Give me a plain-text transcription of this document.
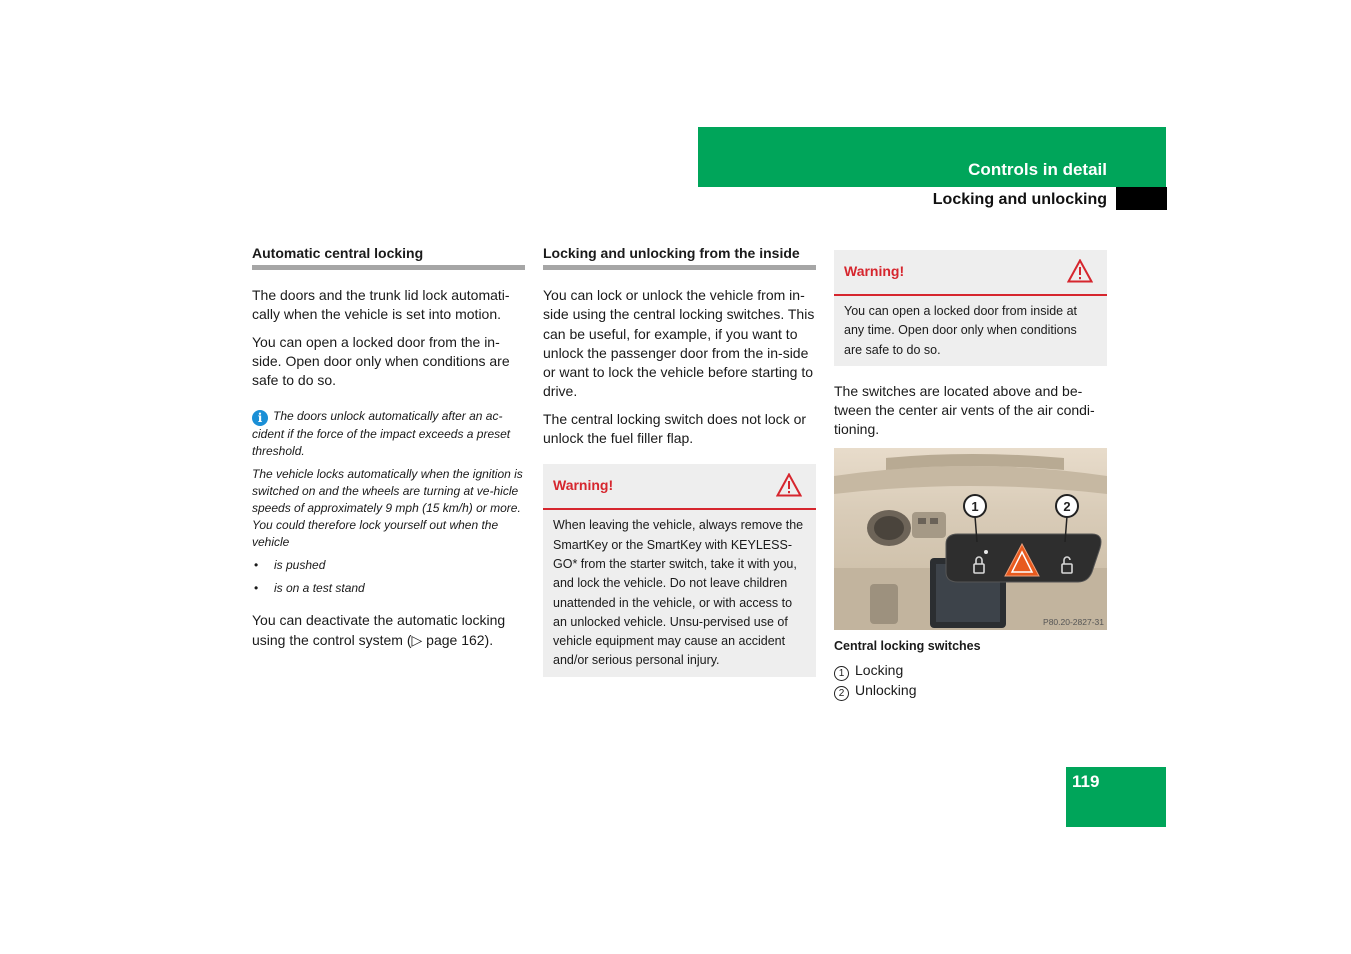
Controls in detail
Locking and unlocking
Automatic central locking

The doors and the trunk lid lock automati-cally when the vehicle is set into motion.

You can open a locked door from the in-side. Open door only when conditions are safe to do so.

i The doors unlock automatically after an ac-cident if the force of the impact exceeds a preset threshold.

The vehicle locks automatically when the ignition is switched on and the wheels are turning at ve-hicle speeds of approximately 9 mph (15 km/h) or more. You could therefore lock yourself out when the vehicle

• is pushed
• is on a test stand

You can deactivate the automatic locking using the control system (▷ page 162).

Locking and unlocking from the inside

You can lock or unlock the vehicle from in-side using the central locking switches. This can be useful, for example, if you want to unlock the passenger door from the in-side or want to lock the vehicle before starting to drive.

The central locking switch does not lock or unlock the fuel filler flap.

Warning!
When leaving the vehicle, always remove the SmartKey or the SmartKey with KEYLESS-GO* from the starter switch, take it with you, and lock the vehicle. Do not leave children unattended in the vehicle, or with access to an unlocked vehicle. Unsu-pervised use of vehicle equipment may cause an accident and/or serious personal injury.
Warning!
You can open a locked door from inside at any time. Open door only when conditions are safe to do so.

The switches are located above and be-tween the center air vents of the air condi-tioning.

1	2
P80.20-2827-31
Central locking switches
1 Locking
2 Unlocking
119
